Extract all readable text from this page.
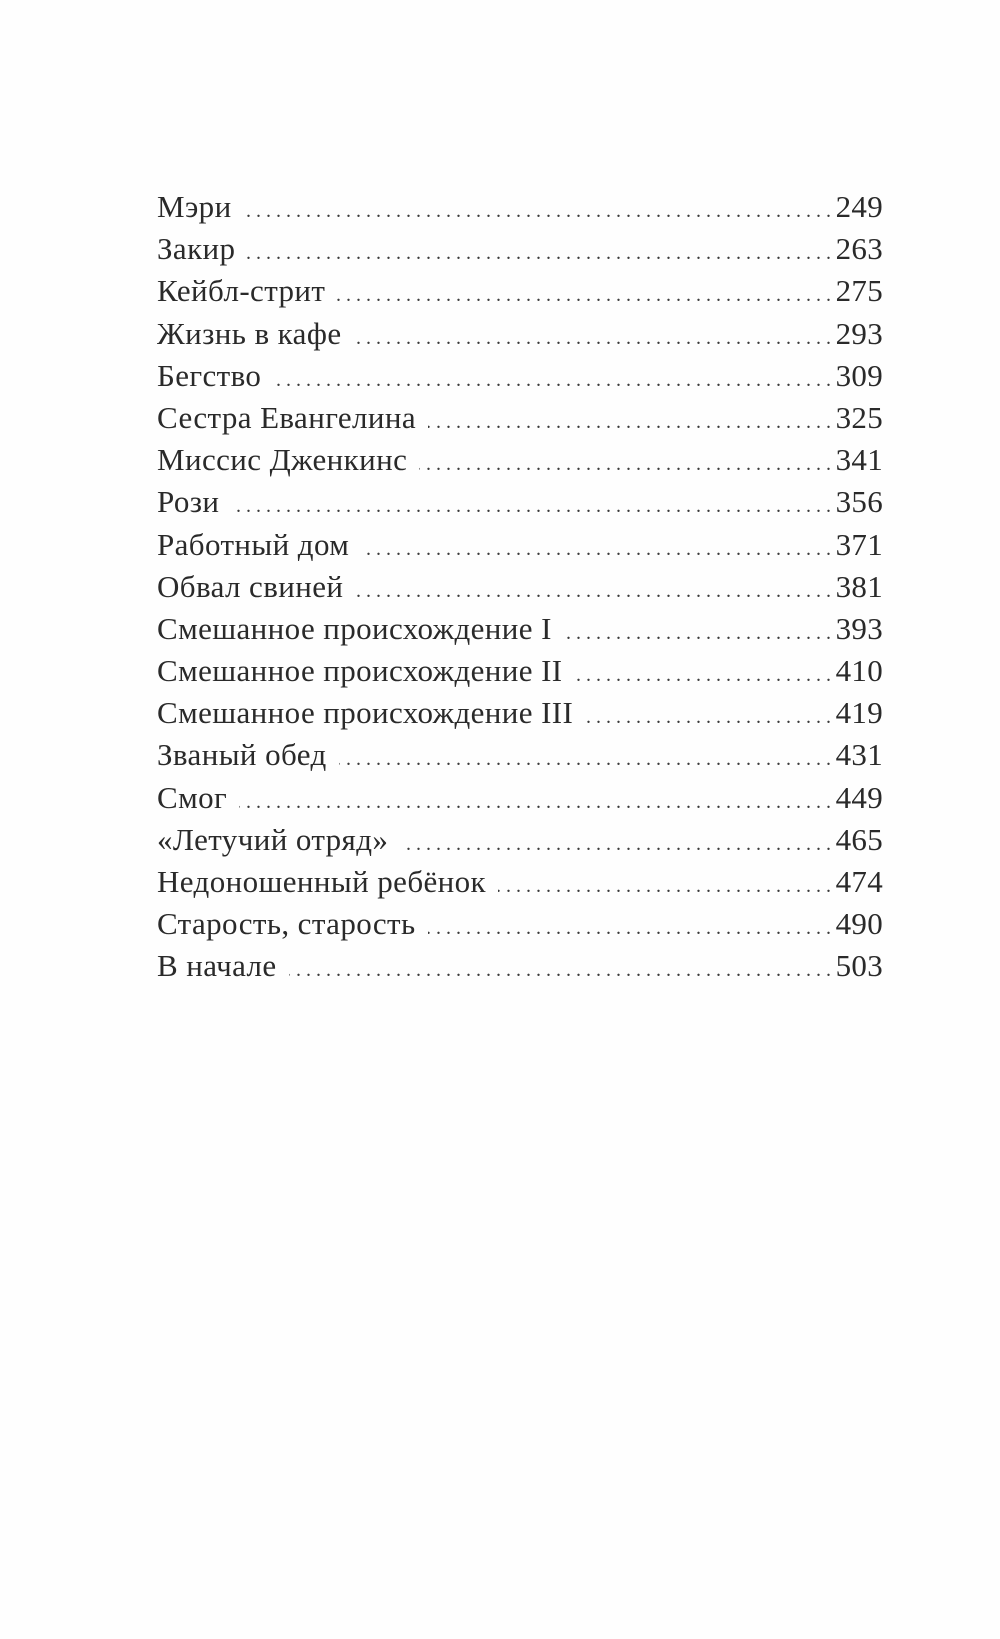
Мэри . . .	249
Закир . . .	263
Кейбл-стрит . . .	275
Жизнь в кафе . . .	293
Бегство . . .	309
Сестра Евангелина . . .	325
Миссис Дженкинс . . .	341
Рози . . .	356
Работный дом . . .	371
Обвал свиней . . .	381
Смешанное происхождение I . . .	393
Смешанное происхождение II . . .	410
Смешанное происхождение III . . .	419
Званый обед . . .	431
Смог . . .	449
«Летучий отряд» . . .	465
Недоношенный ребёнок . . .	474
Старость, старость . . .	490
В начале . . .	503
